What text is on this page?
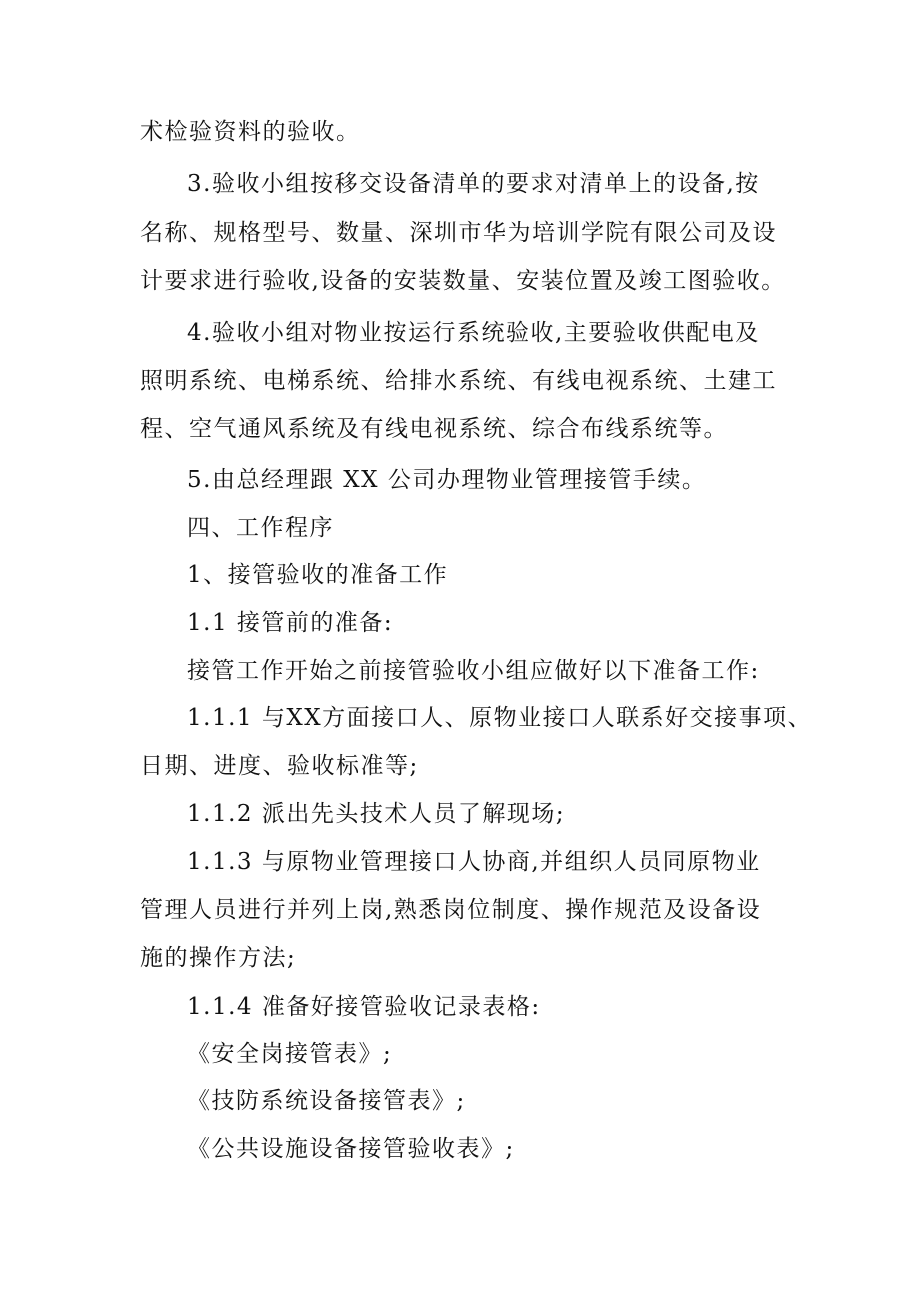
术检验资料的验收。
3.验收小组按移交设备清单的要求对清单上的设备,按
名称、规格型号、数量、深圳市华为培训学院有限公司及设
计要求进行验收,设备的安装数量、安装位置及竣工图验收。
4.验收小组对物业按运行系统验收,主要验收供配电及
照明系统、电梯系统、给排水系统、有线电视系统、土建工
程、空气通风系统及有线电视系统、综合布线系统等。
5.由总经理跟 XX 公司办理物业管理接管手续。
四、工作程序
1、接管验收的准备工作
1.1 接管前的准备:
接管工作开始之前接管验收小组应做好以下准备工作:
1.1.1 与XX方面接口人、原物业接口人联系好交接事项、
日期、进度、验收标准等;
1.1.2 派出先头技术人员了解现场;
1.1.3 与原物业管理接口人协商,并组织人员同原物业
管理人员进行并列上岗,熟悉岗位制度、操作规范及设备设
施的操作方法;
1.1.4 准备好接管验收记录表格:
《安全岗接管表》;
《技防系统设备接管表》;
《公共设施设备接管验收表》;
